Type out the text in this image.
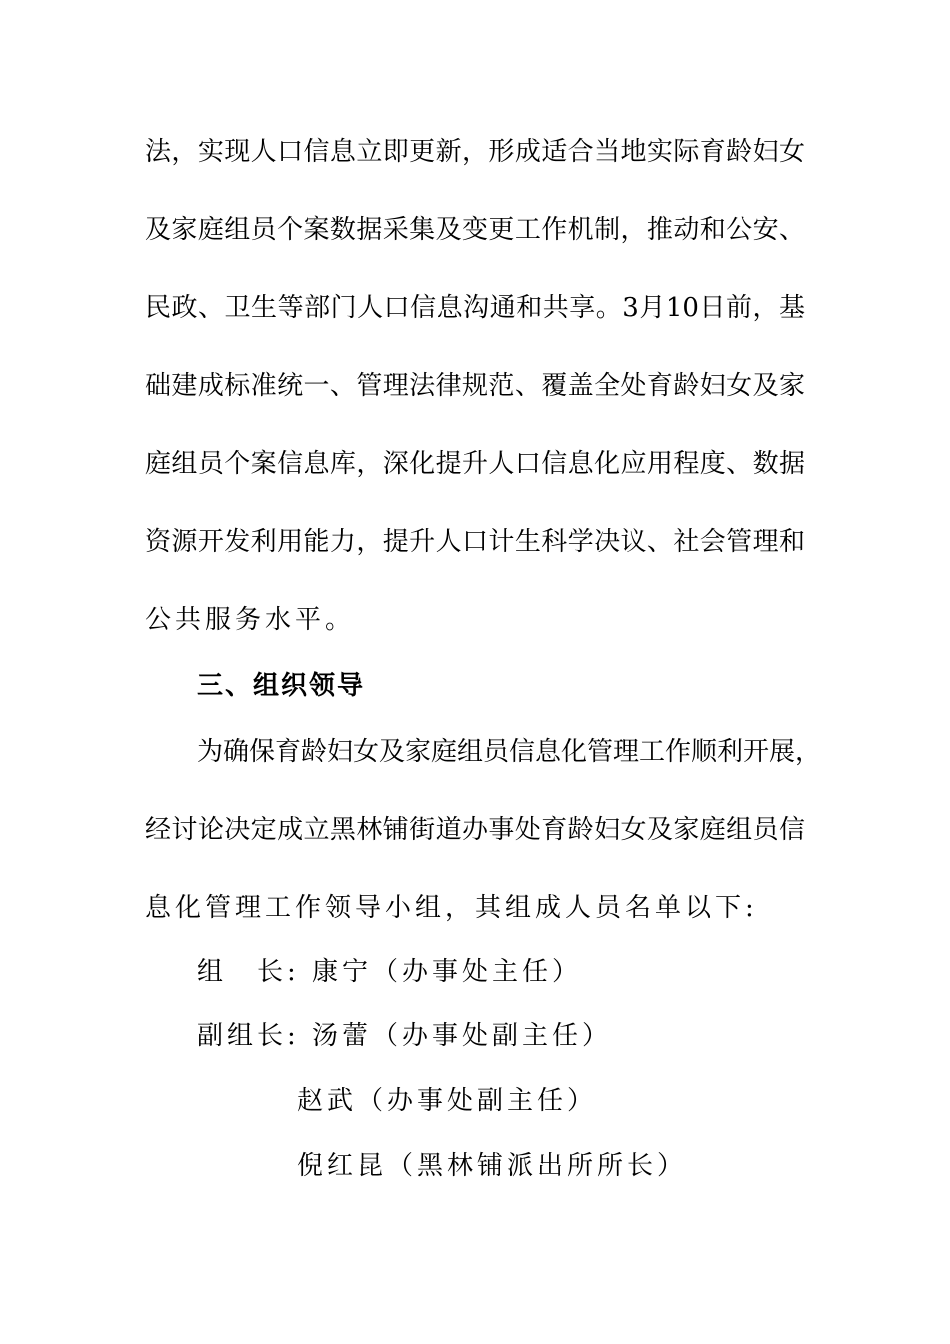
法，实现人口信息立即更新，形成适合当地实际育龄妇女
及家庭组员个案数据采集及变更工作机制，推动和公安、
民政、卫生等部门人口信息沟通和共享。3月10日前，基
础建成标准统一、管理法律规范、覆盖全处育龄妇女及家
庭组员个案信息库，深化提升人口信息化应用程度、数据
资源开发利用能力，提升人口计生科学决议、社会管理和
公共服务水平。
三、组织领导
为确保育龄妇女及家庭组员信息化管理工作顺利开展，
经讨论决定成立黑林铺街道办事处育龄妇女及家庭组员信
息化管理工作领导小组，其组成人员名单以下:
组　长: 康宁（办事处主任）
副组长: 汤蕾（办事处副主任）
赵武（办事处副主任）
倪红昆（黑林铺派出所所长）
